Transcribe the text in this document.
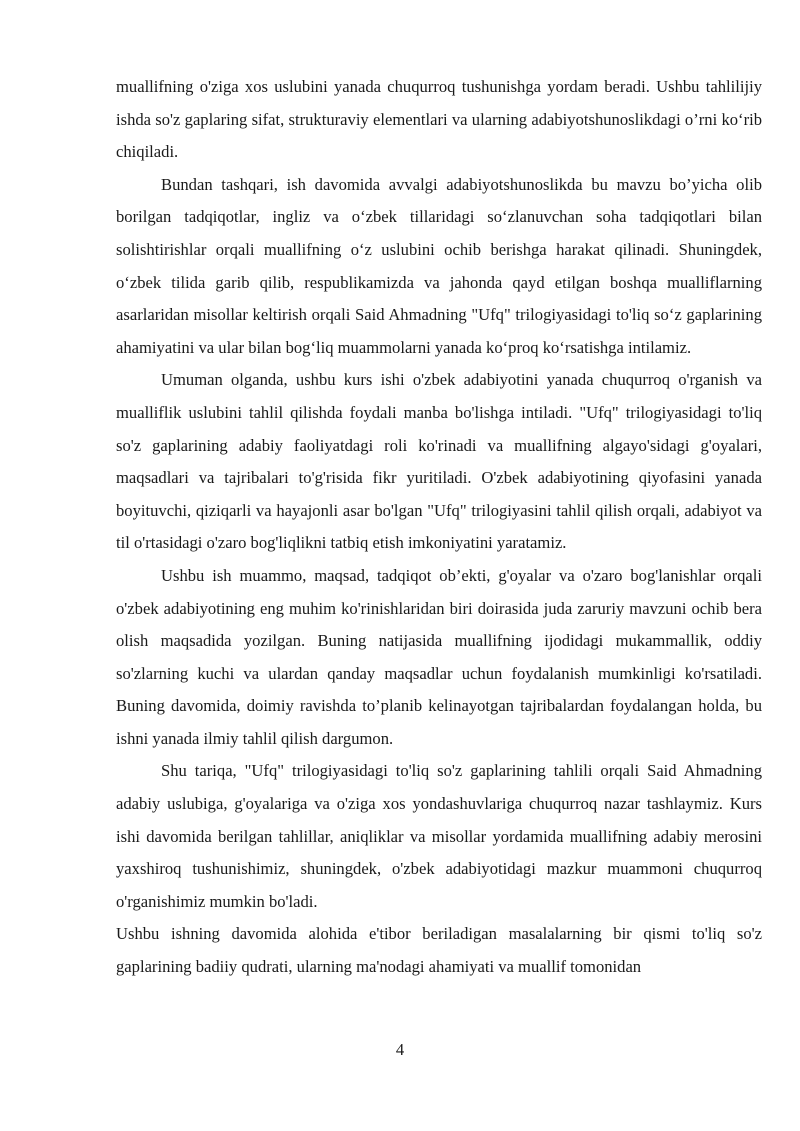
muallifning o'ziga xos uslubini yanada chuqurroq tushunishga yordam beradi. Ushbu tahlilijiy ishda so'z gaplaring sifat, strukturaviy elementlari va ularning adabiyotshunoslikdagi o’rni ko‘rib chiqiladi.

Bundan tashqari, ish davomida avvalgi adabiyotshunoslikda bu mavzu bo’yicha olib borilgan tadqiqotlar, ingliz va o‘zbek tillaridagi so‘zlanuvchan soha tadqiqotlari bilan solishtirishlar orqali muallifning o‘z uslubini ochib berishga harakat qilinadi. Shuningdek, o‘zbek tilida garib qilib, respublikamizda va jahonda qayd etilgan boshqa mualliflarning asarlaridan misollar keltirish orqali Said Ahmadning "Ufq" trilogiyasidagi to'liq so‘z gaplarining ahamiyatini va ular bilan bog‘liq muammolarni yanada ko‘proq ko‘rsatishga intilamiz.

Umuman olganda, ushbu kurs ishi o'zbek adabiyotini yanada chuqurroq o'rganish va mualliflik uslubini tahlil qilishda foydali manba bo'lishga intiladi. "Ufq" trilogiyasidagi to'liq so'z gaplarining adabiy faoliyatdagi roli ko'rinadi va muallifning algayo'sidagi g'oyalari, maqsadlari va tajribalari to'g'risida fikr yuritiladi. O'zbek adabiyotining qiyofasini yanada boyituvchi, qiziqarli va hayajonli asar bo'lgan "Ufq" trilogiyasini tahlil qilish orqali, adabiyot va til o'rtasidagi o'zaro bog'liqlikni tatbiq etish imkoniyatini yaratamiz.

Ushbu ish muammo, maqsad, tadqiqot ob’ekti, g'oyalar va o'zaro bog'lanishlar orqali o'zbek adabiyotining eng muhim ko'rinishlaridan biri doirasida juda zaruriy mavzuni ochib bera olish maqsadida yozilgan. Buning natijasida muallifning ijodidagi mukammallik, oddiy so'zlarning kuchi va ulardan qanday maqsadlar uchun foydalanish mumkinligi ko'rsatiladi. Buning davomida, doimiy ravishda to’planib kelinayotgan tajribalardan foydalangan holda, bu ishni yanada ilmiy tahlil qilish dargumon.

Shu tariqa, "Ufq" trilogiyasidagi to'liq so'z gaplarining tahlili orqali Said Ahmadning adabiy uslubiga, g'oyalariga va o'ziga xos yondashuvlariga chuqurroq nazar tashlaymiz. Kurs ishi davomida berilgan tahlillar, aniqliklar va misollar yordamida muallifning adabiy merosini yaxshiroq tushunishimiz, shuningdek, o'zbek adabiyotidagi mazkur muammoni chuqurroq o'rganishimiz mumkin bo'ladi.

Ushbu ishning davomida alohida e'tibor beriladigan masalalarning bir qismi to'liq so'z gaplarining badiiy qudrati, ularning ma'nodagi ahamiyati va muallif tomonidan

4
